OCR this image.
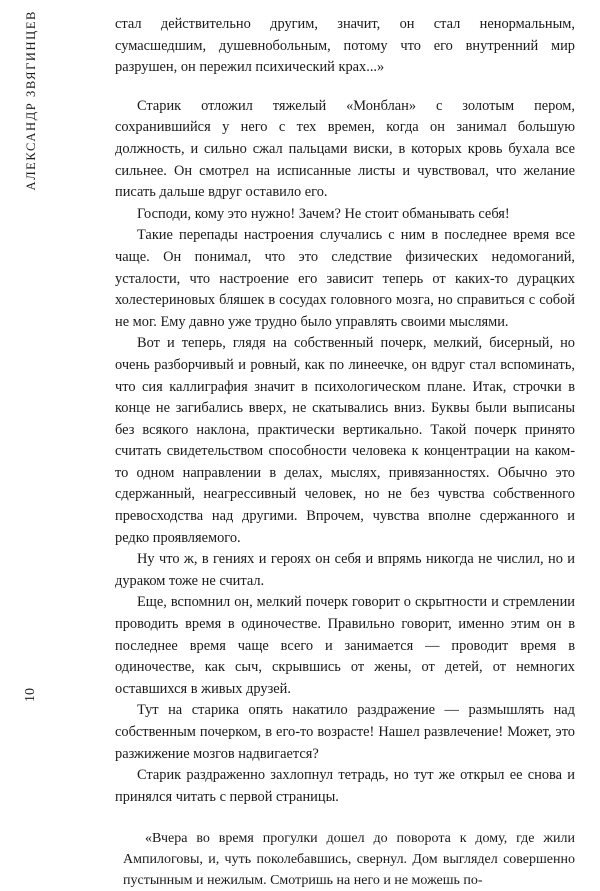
АЛЕКСАНДР ЗВЯГИНЦЕВ
10

стал действительно другим, значит, он стал ненормальным, сумасшедшим, душевнобольным, потому что его внутренний мир разрушен, он пережил психический крах...»

Старик отложил тяжелый «Монблан» с золотым пером, сохранившийся у него с тех времен, когда он занимал большую должность, и сильно сжал пальцами виски, в которых кровь бухала все сильнее. Он смотрел на исписанные листы и чувствовал, что желание писать дальше вдруг оставило его.

Господи, кому это нужно! Зачем? Не стоит обманывать себя!

Такие перепады настроения случались с ним в последнее время все чаще. Он понимал, что это следствие физических недомоганий, усталости, что настроение его зависит теперь от каких-то дурацких холестериновых бляшек в сосудах головного мозга, но справиться с собой не мог. Ему давно уже трудно было управлять своими мыслями.

Вот и теперь, глядя на собственный почерк, мелкий, бисерный, но очень разборчивый и ровный, как по линеечке, он вдруг стал вспоминать, что сия каллиграфия значит в психологическом плане. Итак, строчки в конце не загибались вверх, не скатывались вниз. Буквы были выписаны без всякого наклона, практически вертикально. Такой почерк принято считать свидетельством способности человека к концентрации на каком-то одном направлении в делах, мыслях, привязанностях. Обычно это сдержанный, неагрессивный человек, но не без чувства собственного превосходства над другими. Впрочем, чувства вполне сдержанного и редко проявляемого.

Ну что ж, в гениях и героях он себя и впрямь никогда не числил, но и дураком тоже не считал.

Еще, вспомнил он, мелкий почерк говорит о скрытности и стремлении проводить время в одиночестве. Правильно говорит, именно этим он в последнее время чаще всего и занимается — проводит время в одиночестве, как сыч, скрывшись от жены, от детей, от немногих оставшихся в живых друзей.

Тут на старика опять накатило раздражение — размышлять над собственным почерком, в его-то возрасте! Нашел развлечение! Может, это разжижение мозгов надвигается?

Старик раздраженно захлопнул тетрадь, но тут же открыл ее снова и принялся читать с первой страницы.

«Вчера во время прогулки дошел до поворота к дому, где жили Ампилоговы, и, чуть поколебавшись, свернул. Дом выглядел совершенно пустынным и нежилым. Смотришь на него и не можешь по-
